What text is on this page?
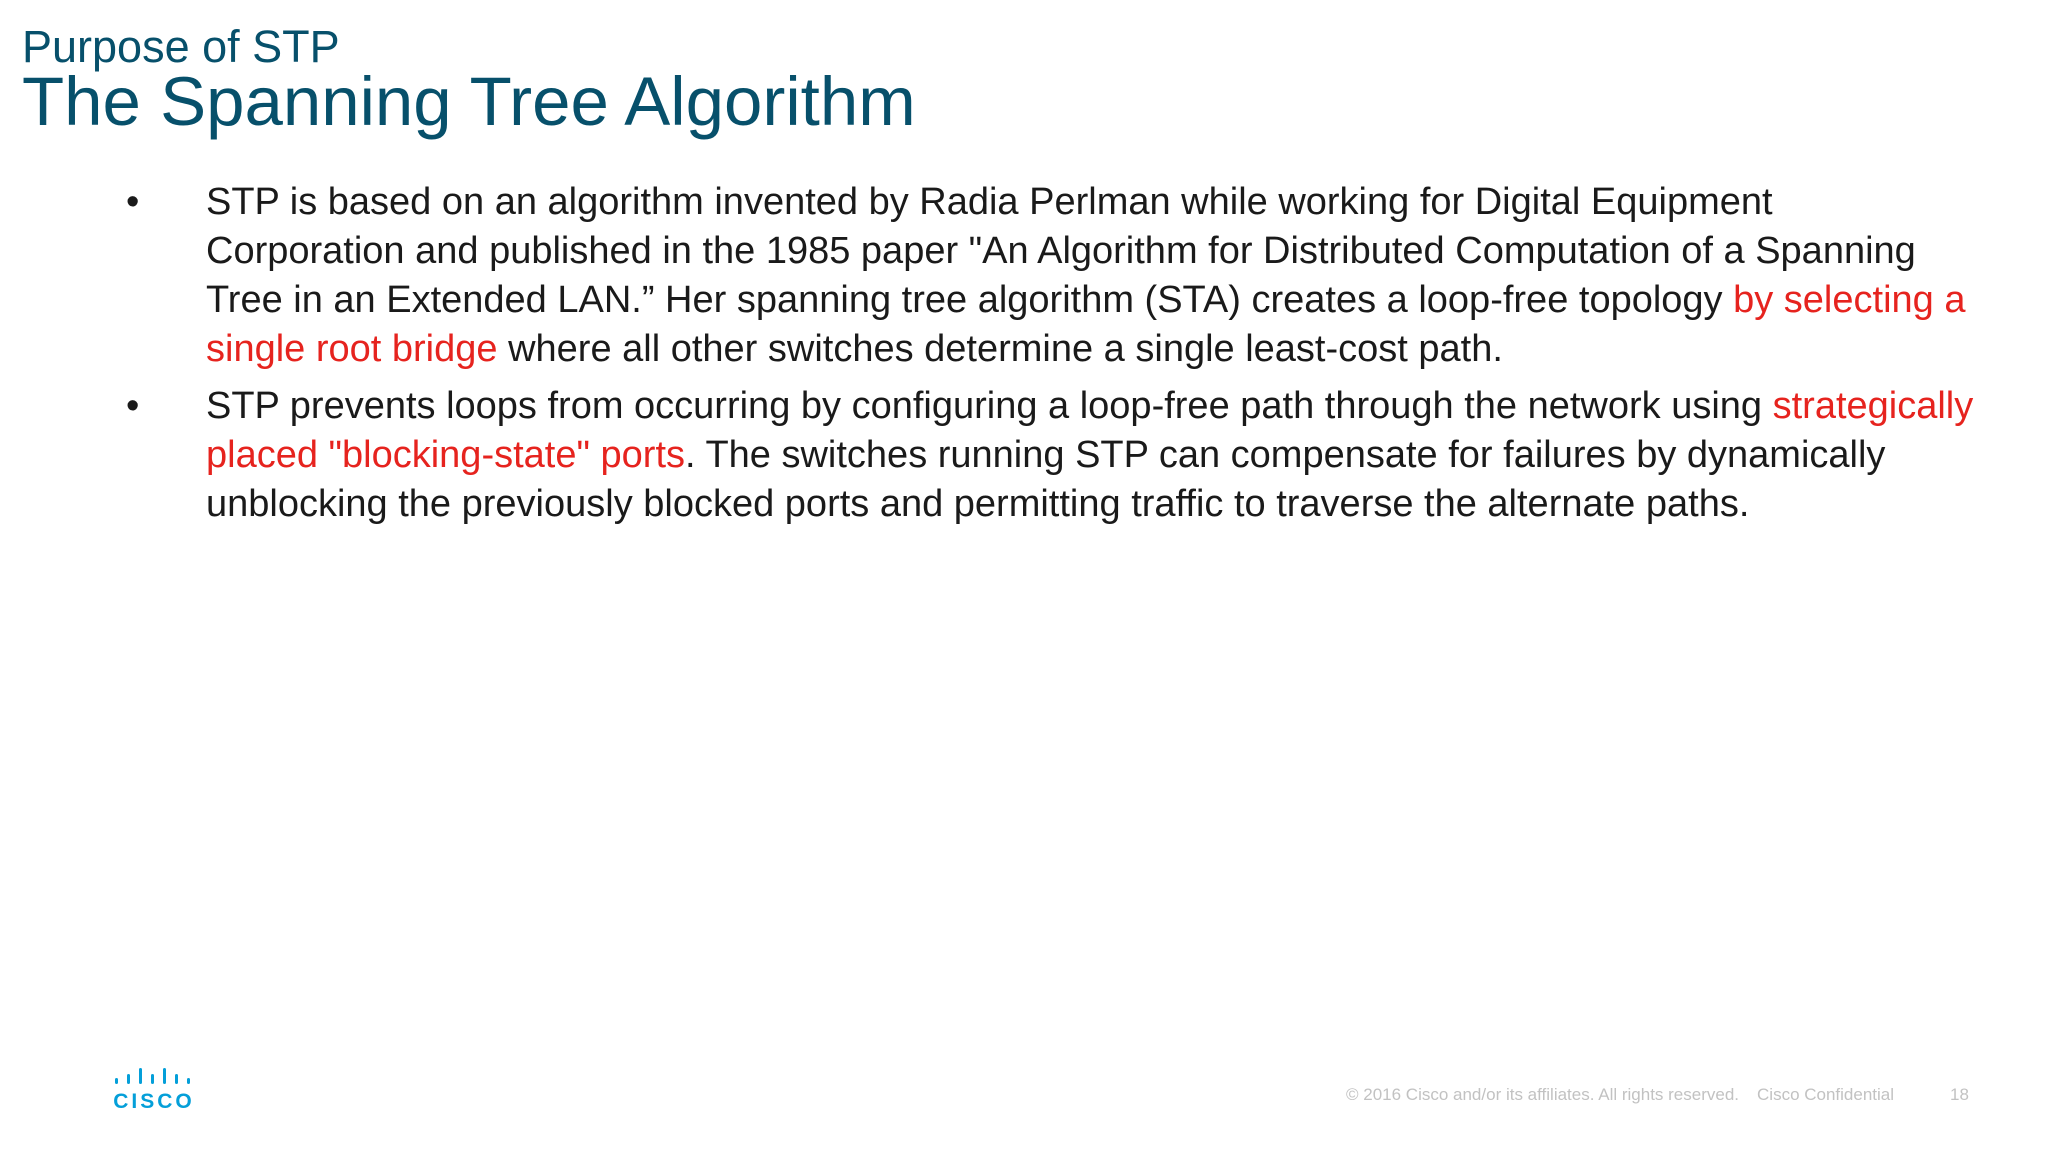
Purpose of STP
The Spanning Tree Algorithm
•	STP is based on an algorithm invented by Radia Perlman while working for Digital Equipment Corporation and published in the 1985 paper "An Algorithm for Distributed Computation of a Spanning Tree in an Extended LAN.” Her spanning tree algorithm (STA) creates a loop-free topology by selecting a single root bridge where all other switches determine a single least-cost path.
•	STP prevents loops from occurring by configuring a loop-free path through the network using strategically placed "blocking-state" ports. The switches running STP can compensate for failures by dynamically unblocking the previously blocked ports and permitting traffic to traverse the alternate paths.
CISCO	© 2016 Cisco and/or its affiliates. All rights reserved. Cisco Confidential	18
